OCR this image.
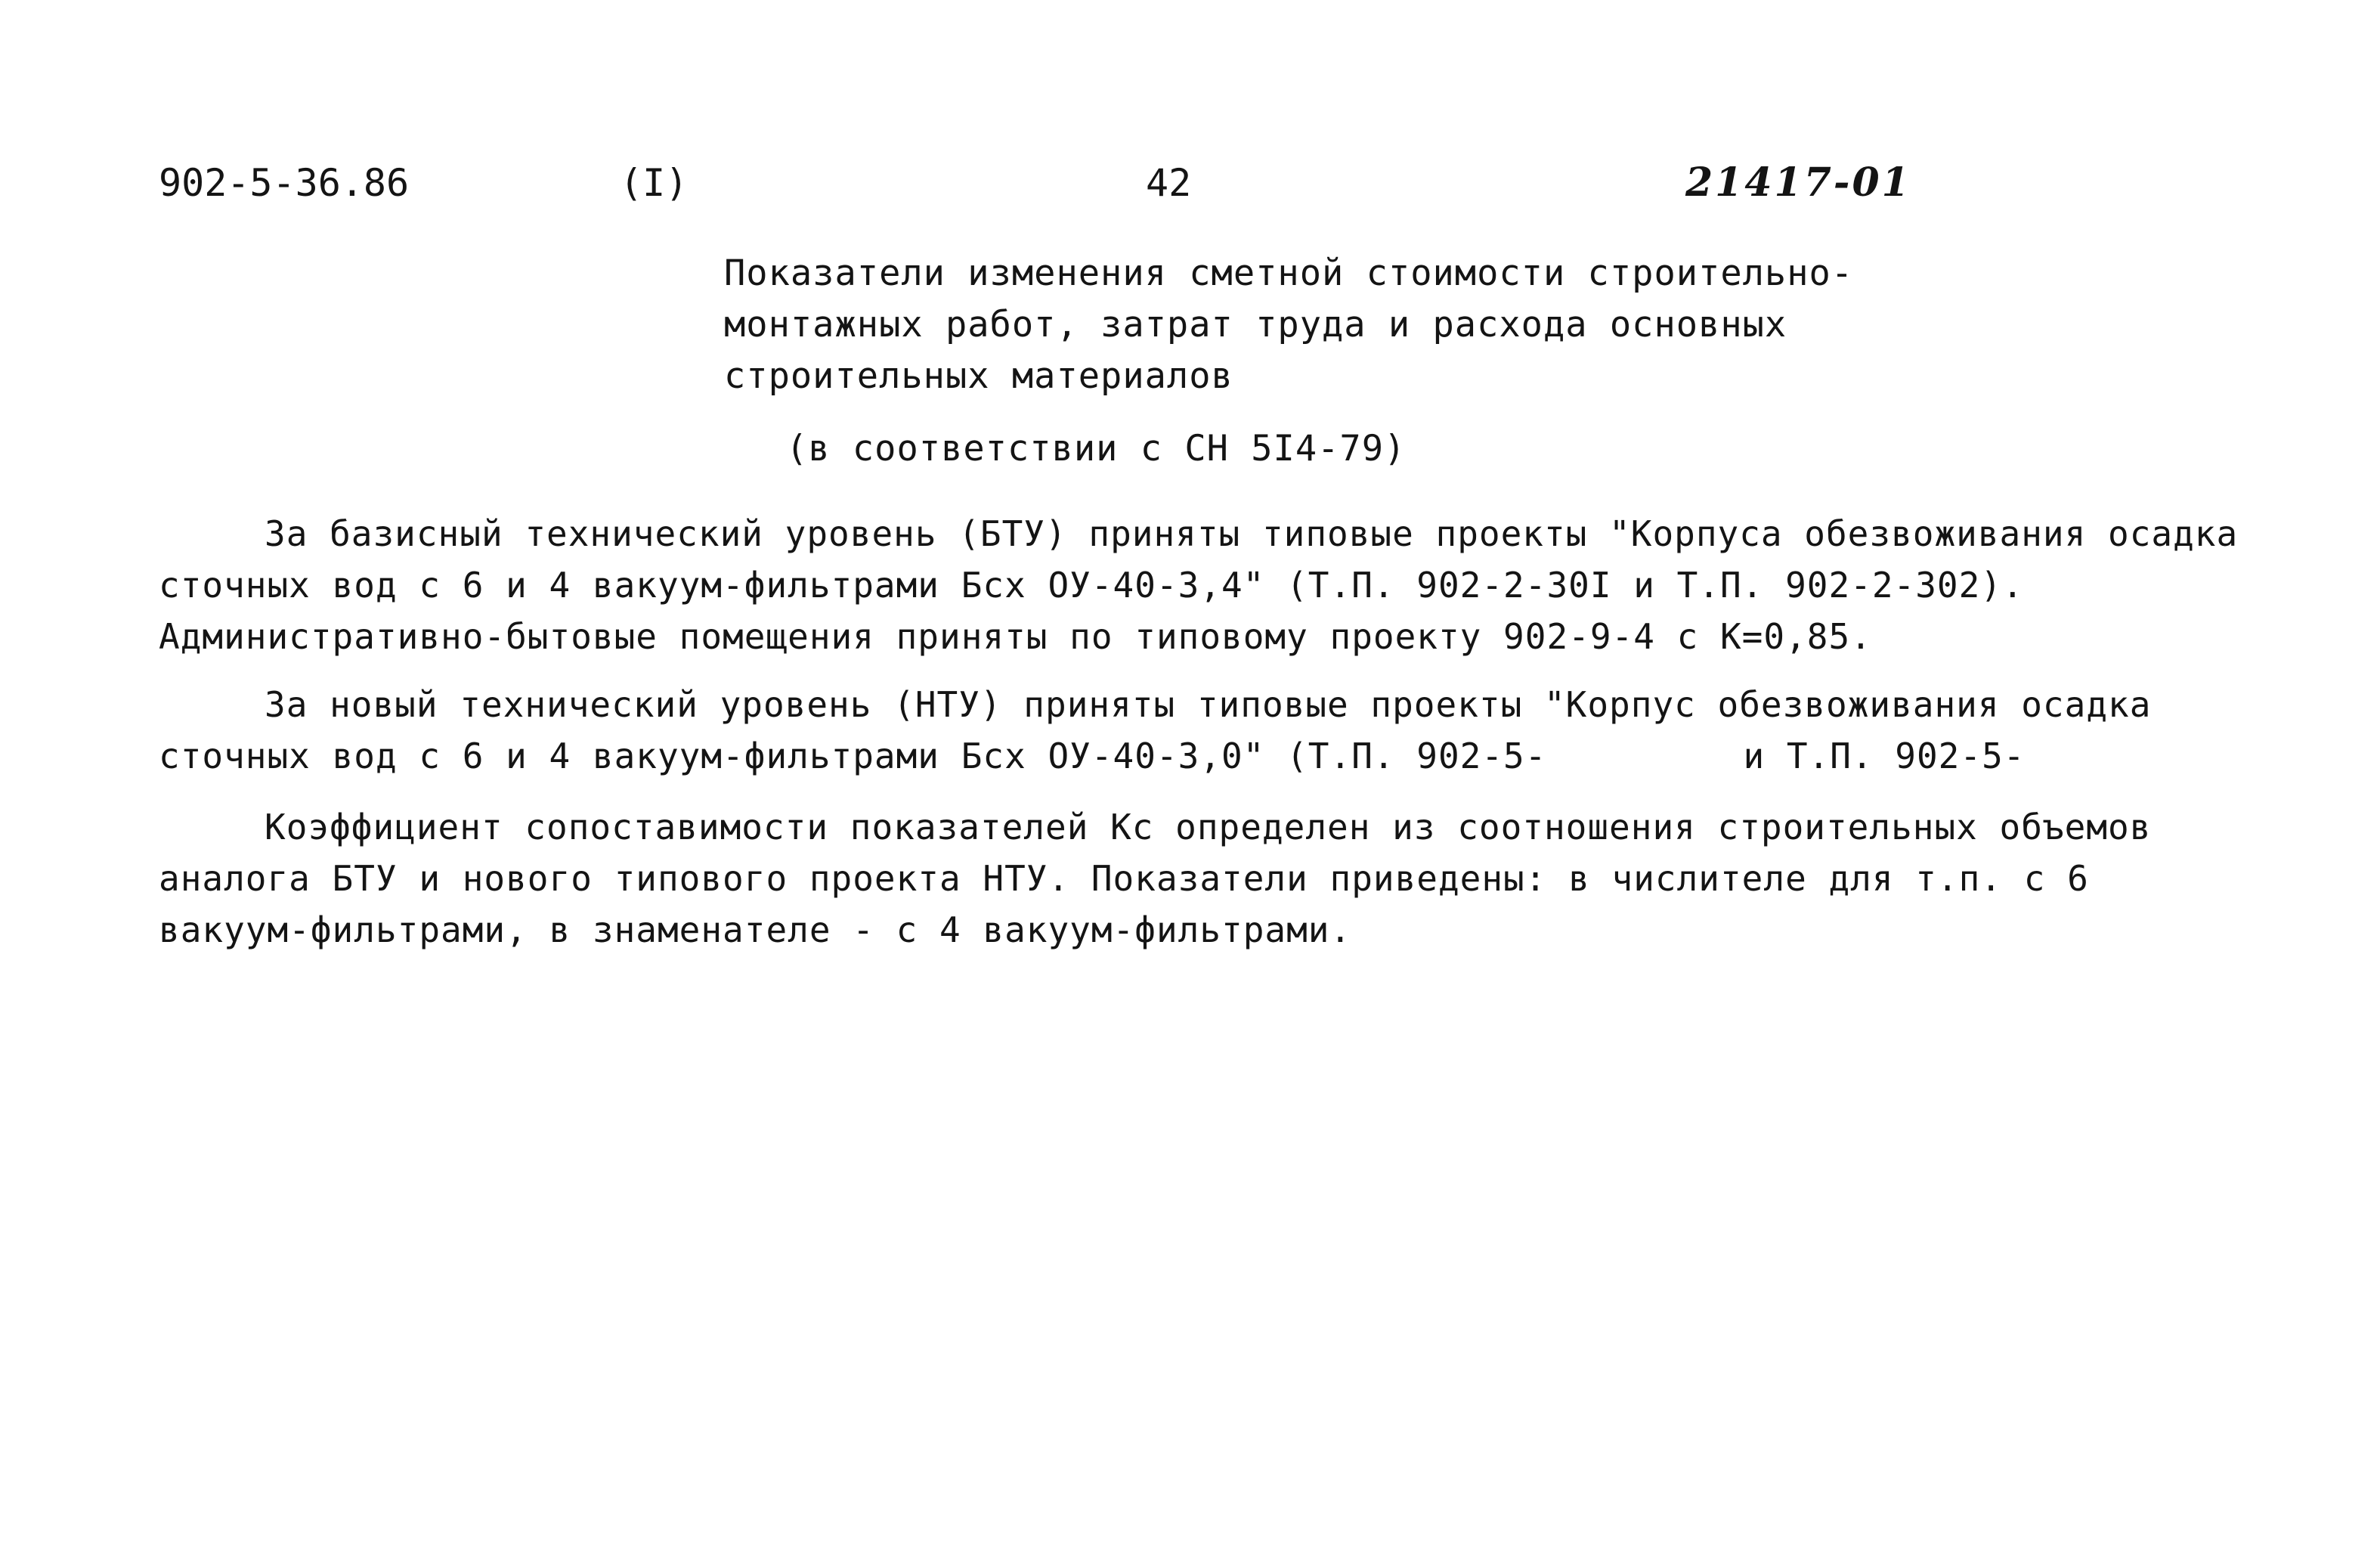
902-5-36.86	(I)	42	21417-01
Показатели изменения сметной стоимости строительно-
монтажных работ, затрат труда и расхода основных
строительных материалов
(в соответствии с СН 5I4-79)
За базисный технический уровень (БТУ) приняты типовые проекты "Корпуса обезвоживания осадка
сточных вод с 6 и 4 вакуум-фильтрами Бсх ОУ-40-3,4" (Т.П. 902-2-30I и Т.П. 902-2-302).
Административно-бытовые помещения приняты по типовому проекту 902-9-4 с К=0,85.
За новый технический уровень (НТУ) приняты типовые проекты "Корпус обезвоживания осадка
сточных вод с 6 и 4 вакуум-фильтрами Бсх ОУ-40-3,0" (Т.П. 902-5-	и Т.П. 902-5-
Коэффициент сопоставимости показателей Кс определен из соотношения строительных объемов
аналога БТУ и нового типового проекта НТУ. Показатели приведены: в числителе для т.п. с 6
вакуум-фильтрами, в знаменателе - с 4 вакуум-фильтрами.
